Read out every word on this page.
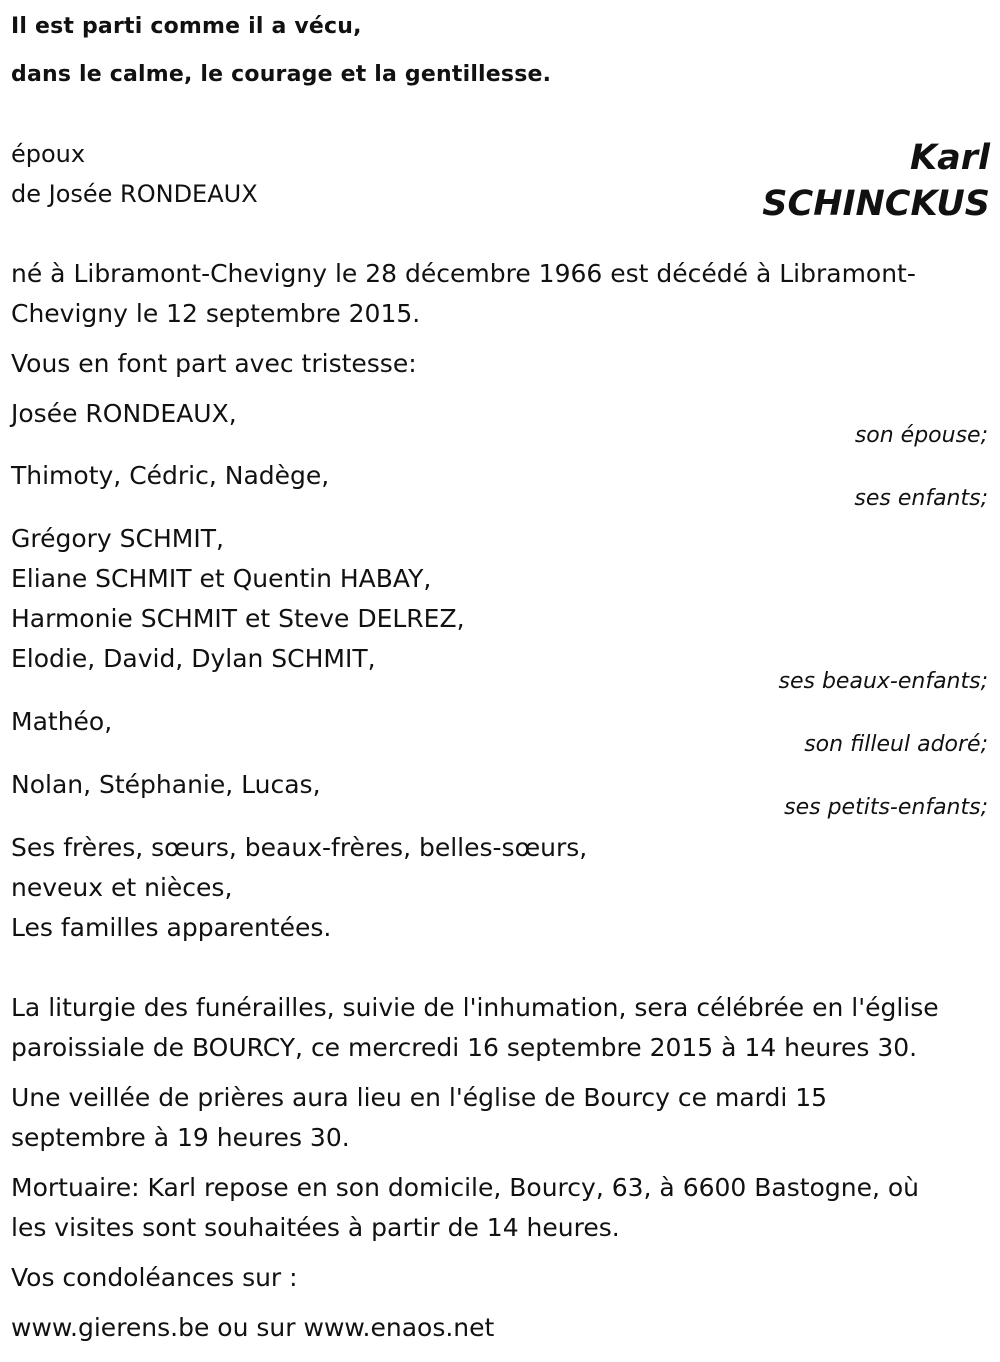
Il est parti comme il a vécu,
dans le calme, le courage et la gentillesse.
époux
de Josée RONDEAUX
Karl
SCHINCKUS
né à Libramont-Chevigny le 28 décembre 1966 est décédé à Libramont-
Chevigny le 12 septembre 2015.
Vous en font part avec tristesse:
Josée RONDEAUX,
son épouse;
Thimoty, Cédric, Nadège,
ses enfants;
Grégory SCHMIT,
Eliane SCHMIT et Quentin HABAY,
Harmonie SCHMIT et Steve DELREZ,
Elodie, David, Dylan SCHMIT,
ses beaux-enfants;
Mathéo,
son filleul adoré;
Nolan, Stéphanie, Lucas,
ses petits-enfants;
Ses frères, sœurs, beaux-frères, belles-sœurs,
neveux et nièces,
Les familles apparentées.
La liturgie des funérailles, suivie de l'inhumation, sera célébrée en l'église
paroissiale de BOURCY, ce mercredi 16 septembre 2015 à 14 heures 30.
Une veillée de prières aura lieu en l'église de Bourcy ce mardi 15
septembre à 19 heures 30.
Mortuaire: Karl repose en son domicile, Bourcy, 63, à 6600 Bastogne, où
les visites sont souhaitées à partir de 14 heures.
Vos condoléances sur :
www.gierens.be ou sur www.enaos.net
